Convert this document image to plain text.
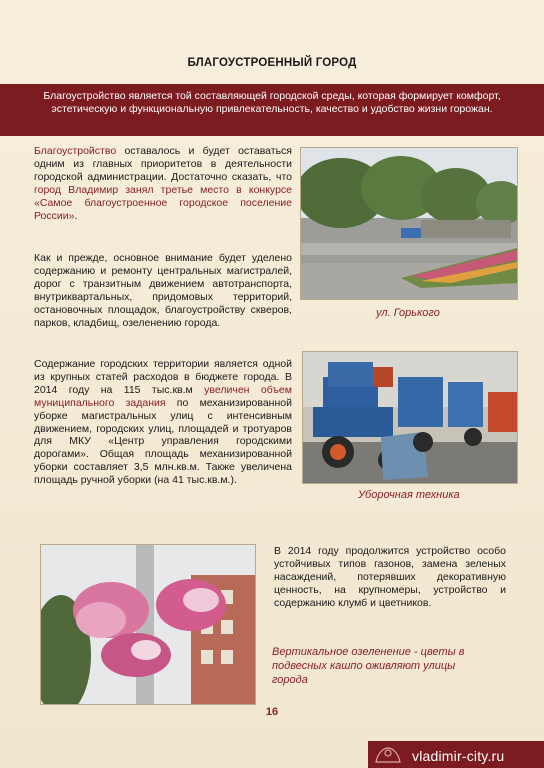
БЛАГОУСТРОЕННЫЙ ГОРОД
Благоустройство является той составляющей городской среды, которая формирует комфорт, эстетическую и функциональную привлекательность, качество и удобство жизни горожан.
Благоустройство оставалось и будет оставаться одним из главных приоритетов в деятельности городской администрации. Достаточно сказать, что город Владимир занял третье место в конкурсе «Самое благоустроенное городское поселение России».
Как и прежде, основное внимание будет уделено содержанию и ремонту центральных магистралей, дорог с транзитным движением автотранспорта, внутриквартальных, придомовых территорий, остановочных площадок, благоустройству скверов, парков, кладбищ, озеленению города.
Содержание городских территории является одной из крупных статей расходов в бюджете города. В 2014 году на 115 тыс.кв.м увеличен объем муниципального задания по механизированной уборке магистральных улиц с интенсивным движением, городских улиц, площадей и тротуаров для МКУ «Центр управления городскими дорогами». Общая площадь механизированной уборки составляет 3,5 млн.кв.м. Также увеличена площадь ручной уборки (на 41 тыс.кв.м.).
ул. Горького
Уборочная техника
В 2014 году продолжится устройство особо устойчивых типов газонов, замена зеленых насаждений, потерявших декоративную ценность, на крупномеры, устройство и содержанию клумб и цветников.
Вертикальное озеленение - цветы в подвесных кашпо оживляют улицы города
16
vladimir-city.ru
